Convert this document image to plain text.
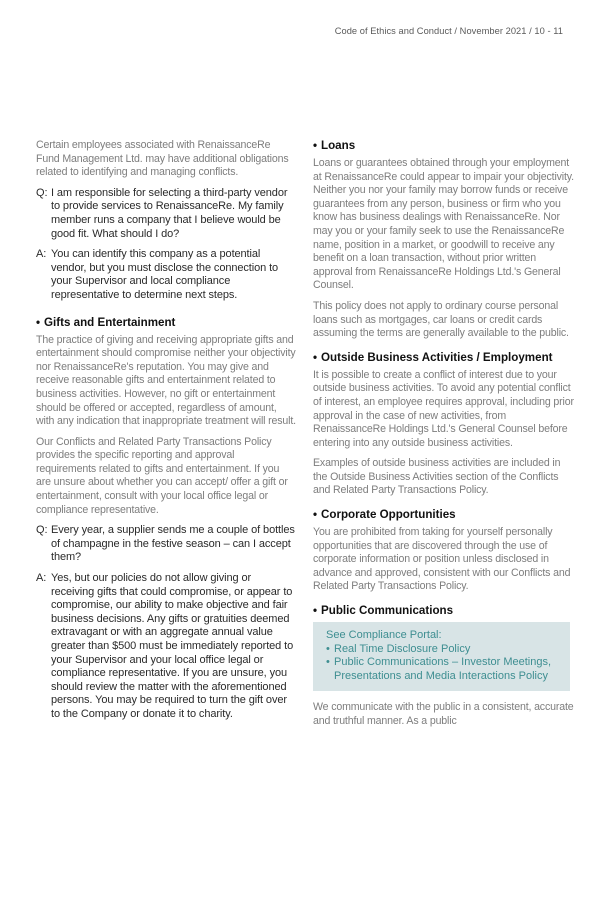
Code of Ethics and Conduct / November 2021 / 10 - 11

Certain employees associated with RenaissanceRe Fund Management Ltd. may have additional obligations related to identifying and managing conflicts.

Q: I am responsible for selecting a third-party vendor to provide services to RenaissanceRe. My family member runs a company that I believe would be good fit. What should I do?

A: You can identify this company as a potential vendor, but you must disclose the connection to your Supervisor and local compliance representative to determine next steps.

• Gifts and Entertainment

The practice of giving and receiving appropriate gifts and entertainment should compromise neither your objectivity nor RenaissanceRe's reputation. You may give and receive reasonable gifts and entertainment related to business activities. However, no gift or entertainment should be offered or accepted, regardless of amount, with any indication that inappropriate treatment will result.

Our Conflicts and Related Party Transactions Policy provides the specific reporting and approval requirements related to gifts and entertainment. If you are unsure about whether you can accept/ offer a gift or entertainment, consult with your local office legal or compliance representative.

Q: Every year, a supplier sends me a couple of bottles of champagne in the festive season – can I accept them?

A: Yes, but our policies do not allow giving or receiving gifts that could compromise, or appear to compromise, our ability to make objective and fair business decisions. Any gifts or gratuities deemed extravagant or with an aggregate annual value greater than $500 must be immediately reported to your Supervisor and your local office legal or compliance representative. If you are unsure, you should review the matter with the aforementioned persons. You may be required to turn the gift over to the Company or donate it to charity.

• Loans

Loans or guarantees obtained through your employment at RenaissanceRe could appear to impair your objectivity. Neither you nor your family may borrow funds or receive guarantees from any person, business or firm who you know has business dealings with RenaissanceRe. Nor may you or your family seek to use the RenaissanceRe name, position in a market, or goodwill to receive any benefit on a loan transaction, without prior written approval from RenaissanceRe Holdings Ltd.'s General Counsel.

This policy does not apply to ordinary course personal loans such as mortgages, car loans or credit cards assuming the terms are generally available to the public.

• Outside Business Activities / Employment

It is possible to create a conflict of interest due to your outside business activities. To avoid any potential conflict of interest, an employee requires approval, including prior approval in the case of new activities, from RenaissanceRe Holdings Ltd.'s General Counsel before entering into any outside business activities.

Examples of outside business activities are included in the Outside Business Activities section of the Conflicts and Related Party Transactions Policy.

• Corporate Opportunities

You are prohibited from taking for yourself personally opportunities that are discovered through the use of corporate information or position unless disclosed in advance and approved, consistent with our Conflicts and Related Party Transactions Policy.

• Public Communications

See Compliance Portal:

• Real Time Disclosure Policy
• Public Communications – Investor Meetings, Presentations and Media Interactions Policy

We communicate with the public in a consistent, accurate and truthful manner. As a public
